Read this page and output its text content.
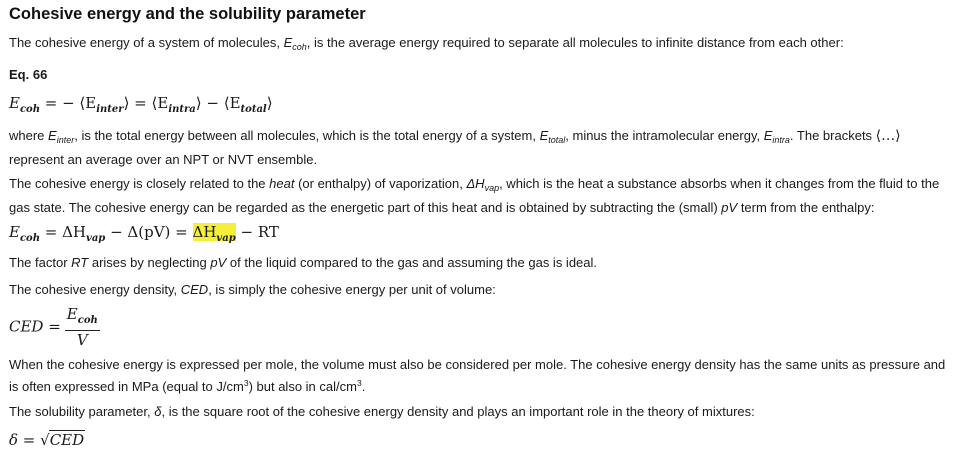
Cohesive energy and the solubility parameter

The cohesive energy of a system of molecules, $E_{coh}$, is the average energy required to separate all molecules to infinite distance from each other:

Eq. 66

$E_{coh}$ = − $⟨E_{inter}⟩$ = $⟨E_{intra}⟩$ − $⟨E_{total}⟩$

where $E_{inter}$, is the total energy between all molecules, which is the total energy of a system, $E_{total}$, minus the intramolecular energy, $E_{intra}$. The brackets ⟨…⟩ represent an average over an NPT or NVT ensemble.

The cohesive energy is closely related to the heat (or enthalpy) of vaporization, $\Delta H_{vap}$, which is the heat a substance absorbs when it changes from the fluid to the gas state. The cohesive energy can be regarded as the energetic part of this heat and is obtained by subtracting the (small) pV term from the enthalpy:

$E_{coh} = \Delta H_{vap} - \Delta(pV) = \Delta H_{vap}$ − RT

The factor RT arises by neglecting pV of the liquid compared to the gas and assuming the gas is ideal.

The cohesive energy density, CED, is simply the cohesive energy per unit of volume:

CED = $\frac{E_{coh}}{V}$

When the cohesive energy is expressed per mole, the volume must also be considered per mole. The cohesive energy density has the same units as pressure and is often expressed in MPa (equal to $J/cm^3$) but also in cal/$cm^3$.

The solubility parameter, δ, is the square root of the cohesive energy density and plays an important role in the theory of mixtures:

δ = √CED
